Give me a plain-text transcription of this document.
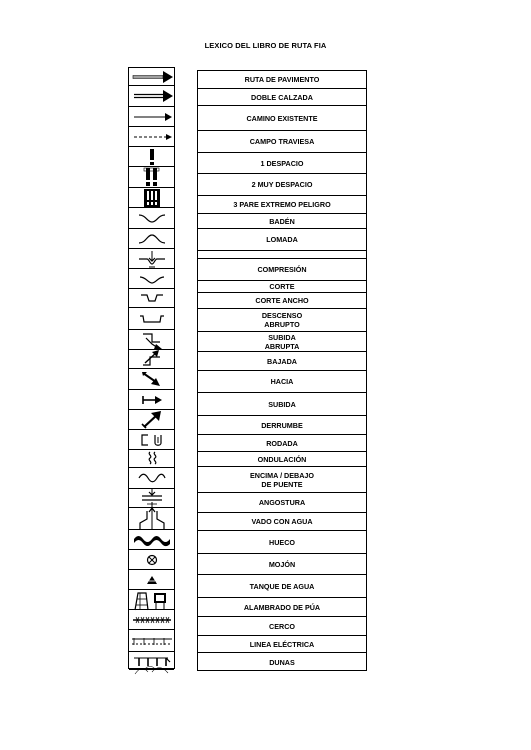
LEXICO DEL LIBRO DE RUTA FIA
RUTA DE PAVIMENTO
DOBLE CALZADA
CAMINO EXISTENTE
CAMPO TRAVIESA
1 DESPACIO
2 MUY DESPACIO
3 PARE EXTREMO PELIGRO
BADÉN
LOMADA
COMPRESIÓN
CORTE
CORTE ANCHO
DESCENSO
ABRUPTO
SUBIDA
ABRUPTA
BAJADA
HACIA
SUBIDA
DERRUMBE
RODADA
ONDULACIÓN
ENCIMA / DEBAJO
DE PUENTE
ANGOSTURA
VADO CON AGUA
HUECO
MOJÓN
TANQUE DE AGUA
ALAMBRADO DE PÚA
CERCO
LINEA ELÉCTRICA
DUNAS
